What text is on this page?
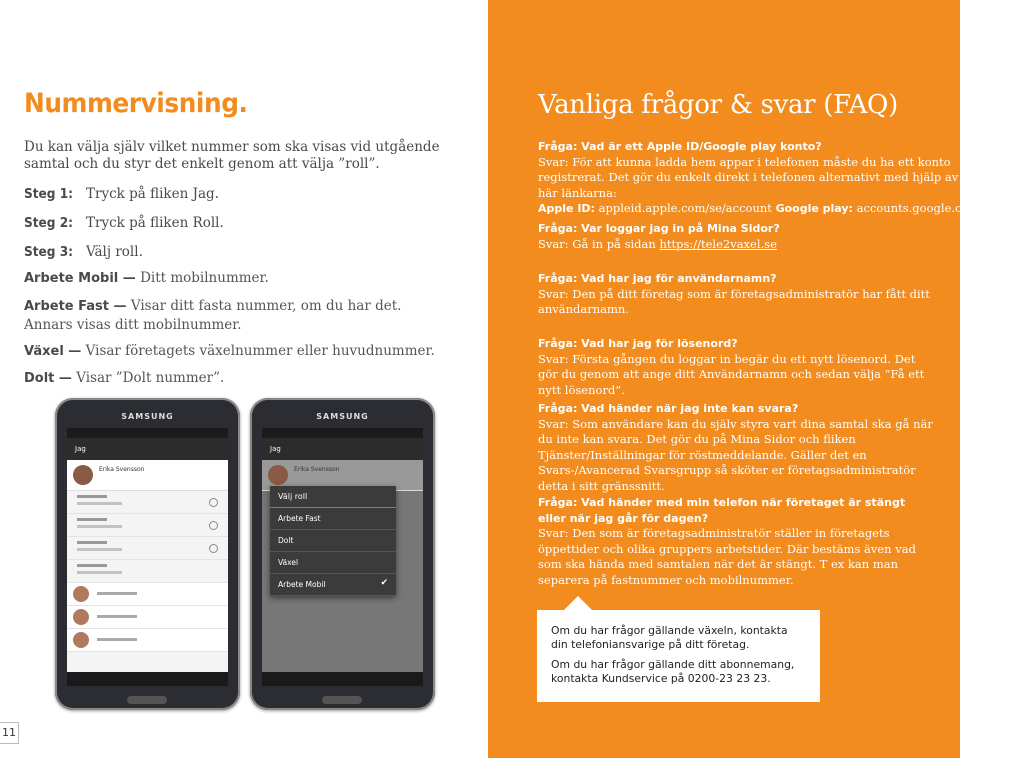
Nummervisning.
Du kan välja själv vilket nummer som ska visas vid utgående samtal och du styr det enkelt genom att välja ”roll”.
Steg 1: Tryck på fliken Jag.
Steg 2: Tryck på fliken Roll.
Steg 3: Välj roll.
Arbete Mobil — Ditt mobilnummer.
Arbete Fast — Visar ditt fasta nummer, om du har det. Annars visas ditt mobilnummer.
Växel — Visar företagets växelnummer eller huvudnummer.
Dolt — Visar ”Dolt nummer”.
SAMSUNG
Jag
Erika Svensson
SAMSUNG
Jag
Erika Svensson
Välj roll
Arbete Fast
Dolt
Växel
Arbete Mobil	✔
11
Vanliga frågor & svar (FAQ)
Fråga: Vad är ett Apple ID/Google play konto?
Svar: För att kunna ladda hem appar i telefonen måste du ha ett konto registrerat. Det gör du enkelt direkt i telefonen alternativt med hjälp av de här länkarna:
Apple ID: appleid.apple.com/se/account Google play: accounts.google.com/SignUp
Fråga: Var loggar jag in på Mina Sidor?
Svar: Gå in på sidan https://tele2vaxel.se
Fråga: Vad har jag för användarnamn?
Svar: Den på ditt företag som är företagsadministratör har fått ditt användarnamn.
Fråga: Vad har jag för lösenord?
Svar: Första gången du loggar in begär du ett nytt lösenord. Det gör du genom att ange ditt Användarnamn och sedan välja ”Få ett nytt lösenord”.
Fråga: Vad händer när jag inte kan svara?
Svar: Som användare kan du själv styra vart dina samtal ska gå när du inte kan svara. Det gör du på Mina Sidor och fliken Tjänster/Inställningar för röstmeddelande. Gäller det en Svars-/Avancerad Svarsgrupp så sköter er företagsadministratör detta i sitt gränssnitt.
Fråga: Vad händer med min telefon när företaget är stängt eller när jag går för dagen?
Svar: Den som är företagsadministratör ställer in företagets öppettider och olika gruppers arbetstider. Där bestäms även vad som ska hända med samtalen när det är stängt. T ex kan man separera på fastnummer och mobilnummer.

Om du har frågor gällande växeln, kontakta din telefoniansvarige på ditt företag.

Om du har frågor gällande ditt abonnemang, kontakta Kundservice på 0200-23 23 23.
